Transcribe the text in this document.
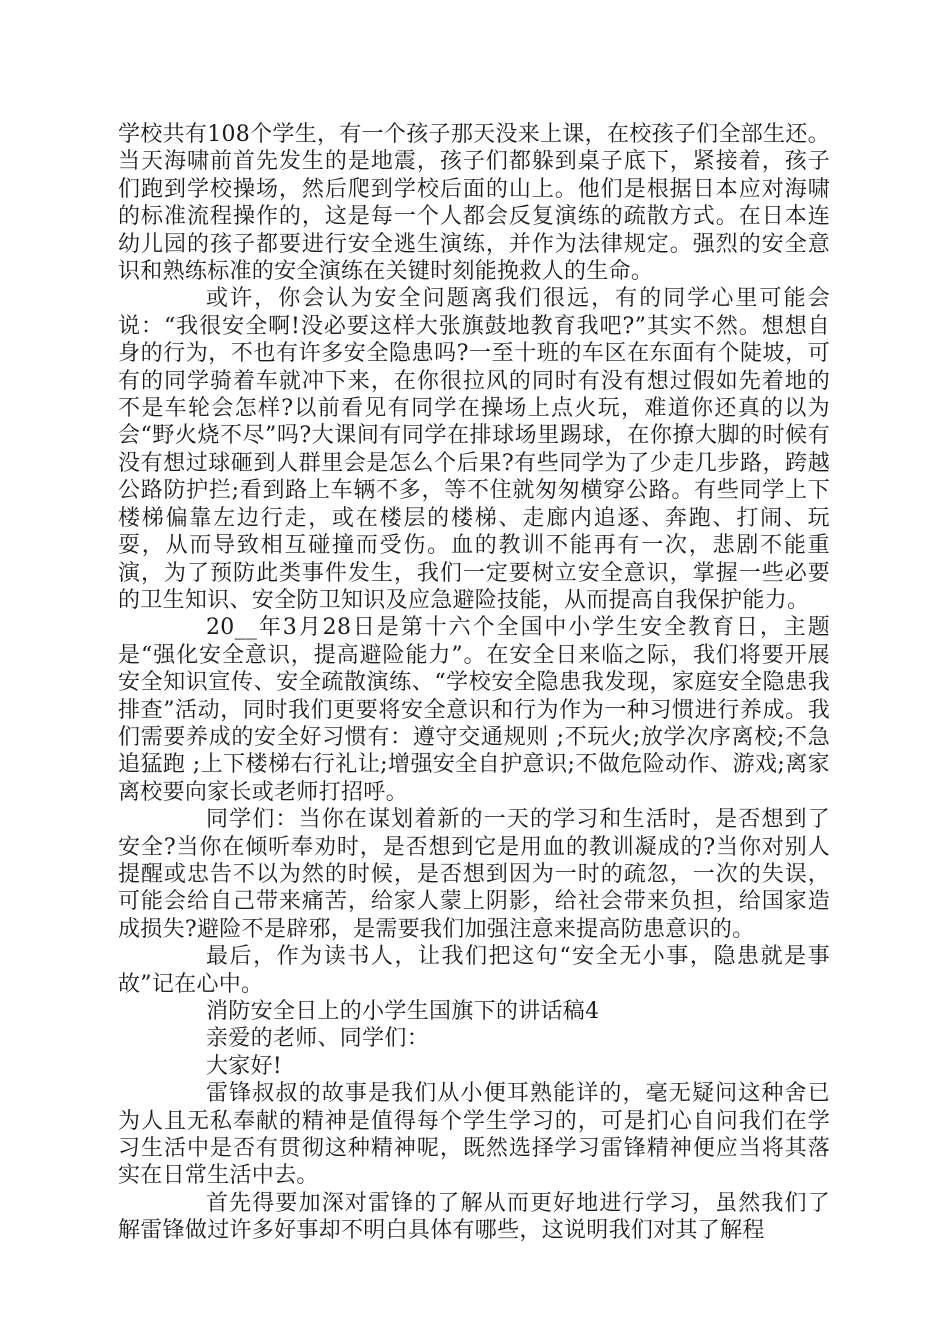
学校共有108个学生，有一个孩子那天没来上课，在校孩子们全部生还。当天海啸前首先发生的是地震，孩子们都躲到桌子底下，紧接着，孩子们跑到学校操场，然后爬到学校后面的山上。他们是根据日本应对海啸的标准流程操作的，这是每一个人都会反复演练的疏散方式。在日本连幼儿园的孩子都要进行安全逃生演练，并作为法律规定。强烈的安全意识和熟练标准的安全演练在关键时刻能挽救人的生命。

或许，你会认为安全问题离我们很远，有的同学心里可能会说：“我很安全啊!没必要这样大张旗鼓地教育我吧?”其实不然。想想自身的行为，不也有许多安全隐患吗?一至十班的车区在东面有个陡坡，可有的同学骑着车就冲下来，在你很拉风的同时有没有想过假如先着地的不是车轮会怎样?以前看见有同学在操场上点火玩，难道你还真的以为会“野火烧不尽”吗?大课间有同学在排球场里踢球，在你撩大脚的时候有没有想过球砸到人群里会是怎么个后果?有些同学为了少走几步路，跨越公路防护拦;看到路上车辆不多，等不住就匆匆横穿公路。有些同学上下楼梯偏靠左边行走，或在楼层的楼梯、走廊内追逐、奔跑、打闹、玩耍，从而导致相互碰撞而受伤。血的教训不能再有一次，悲剧不能重演，为了预防此类事件发生，我们一定要树立安全意识，掌握一些必要的卫生知识、安全防卫知识及应急避险技能，从而提高自我保护能力。

20__年3月28日是第十六个全国中小学生安全教育日，主题是“强化安全意识，提高避险能力”。在安全日来临之际，我们将要开展安全知识宣传、安全疏散演练、“学校安全隐患我发现，家庭安全隐患我排查”活动，同时我们更要将安全意识和行为作为一种习惯进行养成。我们需要养成的安全好习惯有：遵守交通规则 ;不玩火;放学次序离校;不急追猛跑 ;上下楼梯右行礼让;增强安全自护意识;不做危险动作、游戏;离家离校要向家长或老师打招呼。

同学们：当你在谋划着新的一天的学习和生活时，是否想到了安全?当你在倾听奉劝时，是否想到它是用血的教训凝成的?当你对别人提醒或忠告不以为然的时候，是否想到因为一时的疏忽，一次的失误，可能会给自己带来痛苦，给家人蒙上阴影，给社会带来负担，给国家造成损失?避险不是辟邪，是需要我们加强注意来提高防患意识的。

最后，作为读书人，让我们把这句“安全无小事，隐患就是事故”记在心中。

消防安全日上的小学生国旗下的讲话稿4

亲爱的老师、同学们：

大家好!

雷锋叔叔的故事是我们从小便耳熟能详的，毫无疑问这种舍已为人且无私奉献的精神是值得每个学生学习的，可是扪心自问我们在学习生活中是否有贯彻这种精神呢，既然选择学习雷锋精神便应当将其落实在日常生活中去。

首先得要加深对雷锋的了解从而更好地进行学习，虽然我们了解雷锋做过许多好事却不明白具体有哪些，这说明我们对其了解程
